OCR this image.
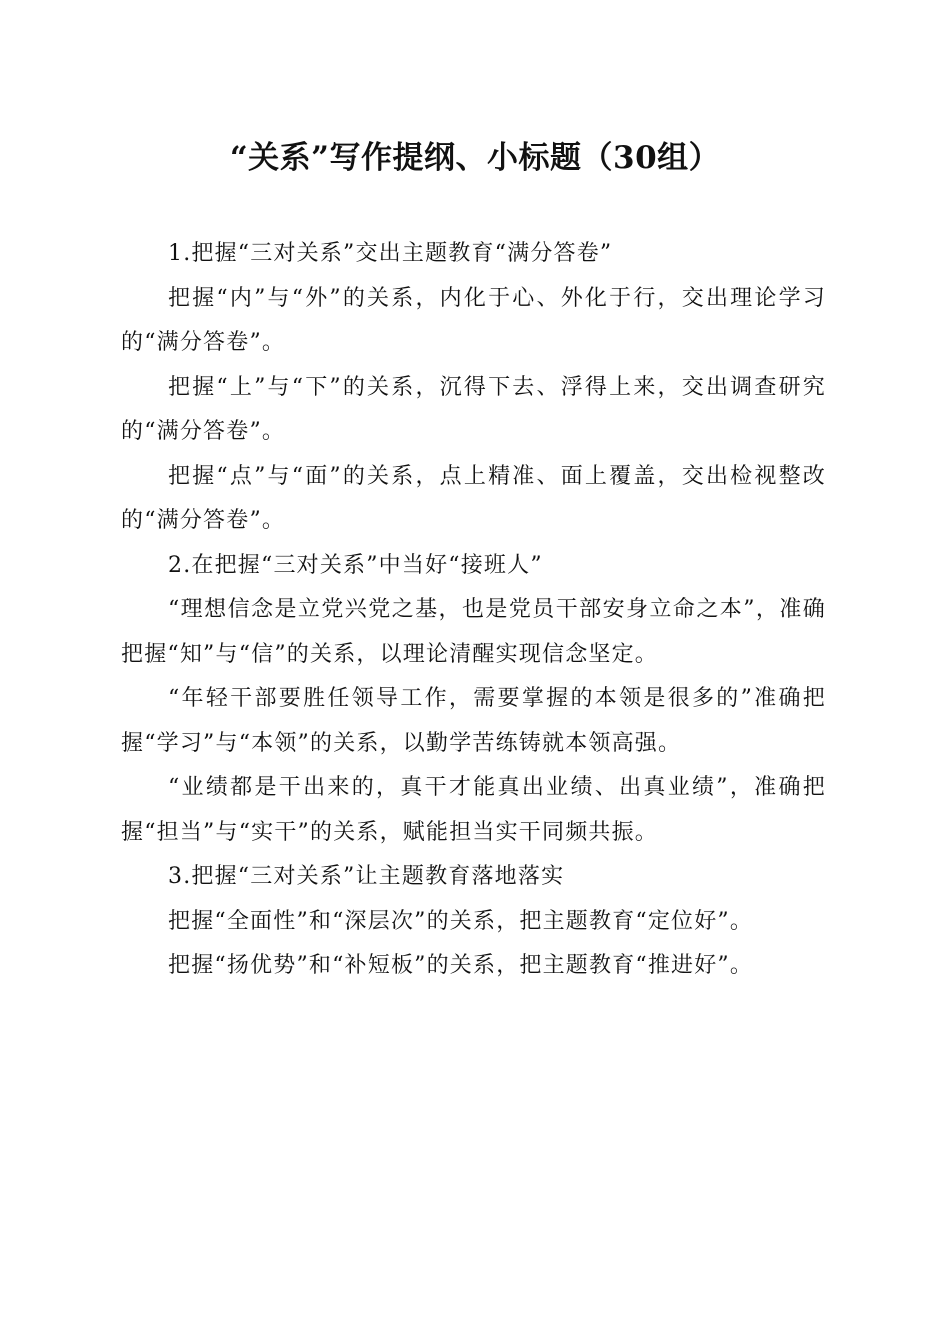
“关系”写作提纲、小标题（30组）

1.把握“三对关系”交出主题教育“满分答卷”

把握“内”与“外”的关系，内化于心、外化于行，交出理论学习的“满分答卷”。

把握“上”与“下”的关系，沉得下去、浮得上来，交出调查研究的“满分答卷”。

把握“点”与“面”的关系，点上精准、面上覆盖，交出检视整改的“满分答卷”。

2.在把握“三对关系”中当好“接班人”

“理想信念是立党兴党之基，也是党员干部安身立命之本”，准确把握“知”与“信”的关系，以理论清醒实现信念坚定。

“年轻干部要胜任领导工作，需要掌握的本领是很多的”准确把握“学习”与“本领”的关系，以勤学苦练铸就本领高强。

“业绩都是干出来的，真干才能真出业绩、出真业绩”，准确把握“担当”与“实干”的关系，赋能担当实干同频共振。

3.把握“三对关系”让主题教育落地落实

把握“全面性”和“深层次”的关系，把主题教育“定位好”。

把握“扬优势”和“补短板”的关系，把主题教育“推进好”。
